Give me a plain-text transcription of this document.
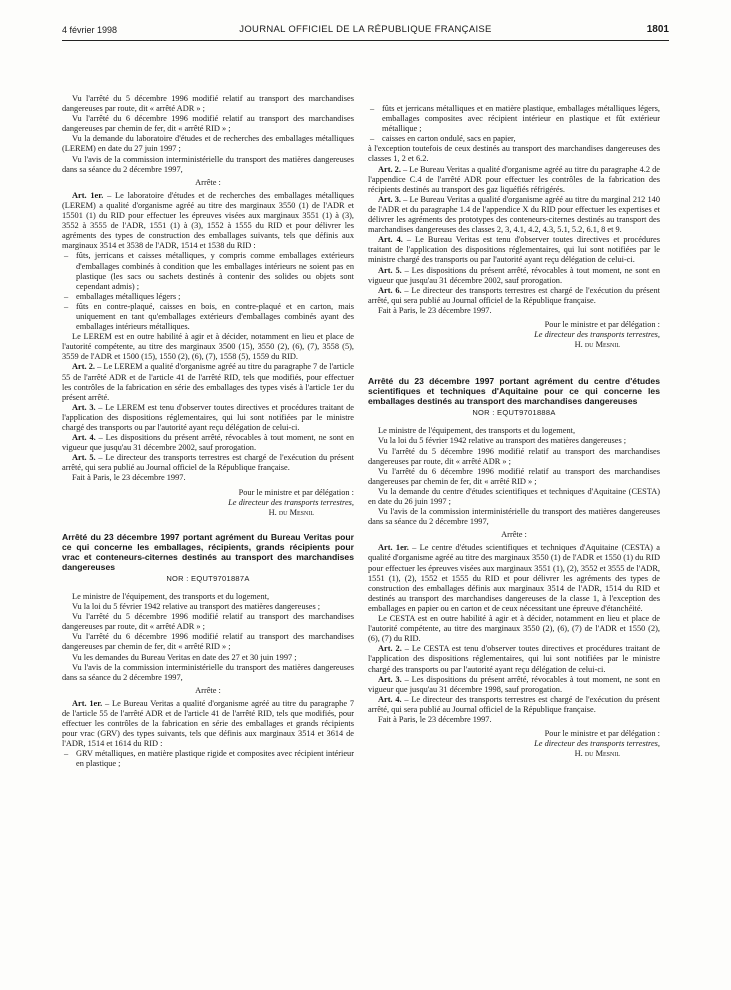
4 février 1998	JOURNAL OFFICIEL DE LA RÉPUBLIQUE FRANÇAISE	1801

Vu l'arrêté du 5 décembre 1996 modifié relatif au transport des marchandises dangereuses par route, dit « arrêté ADR » ;

Vu l'arrêté du 6 décembre 1996 modifié relatif au transport des marchandises dangereuses par chemin de fer, dit « arrêté RID » ;

Vu la demande du laboratoire d'études et de recherches des emballages métalliques (LEREM) en date du 27 juin 1997 ;

Vu l'avis de la commission interministérielle du transport des matières dangereuses dans sa séance du 2 décembre 1997,

Arrête :

Art. 1er. – Le laboratoire d'études et de recherches des emballages métalliques (LEREM) a qualité d'organisme agréé au titre des marginaux 3550 (1) de l'ADR et 15501 (1) du RID pour effectuer les épreuves visées aux marginaux 3551 (1) à (3), 3552 à 3555 de l'ADR, 1551 (1) à (3), 1552 à 1555 du RID et pour délivrer les agréments des types de construction des emballages suivants, tels que définis aux marginaux 3514 et 3538 de l'ADR, 1514 et 1538 du RID :

– fûts, jerricans et caisses métalliques, y compris comme emballages extérieurs d'emballages combinés à condition que les emballages intérieurs ne soient pas en plastique (les sacs ou sachets destinés à contenir des solides ou objets sont cependant admis) ;
– emballages métalliques légers ;
– fûts en contre-plaqué, caisses en bois, en contre-plaqué et en carton, mais uniquement en tant qu'emballages extérieurs d'emballages combinés ayant des emballages intérieurs métalliques.

Le LEREM est en outre habilité à agir et à décider, notamment en lieu et place de l'autorité compétente, au titre des marginaux 3500 (15), 3550 (2), (6), (7), 3558 (5), 3559 de l'ADR et 1500 (15), 1550 (2), (6), (7), 1558 (5), 1559 du RID.

Art. 2. – Le LEREM a qualité d'organisme agréé au titre du paragraphe 7 de l'article 55 de l'arrêté ADR et de l'article 41 de l'arrêté RID, tels que modifiés, pour effectuer les contrôles de la fabrication en série des emballages des types visés à l'article 1er du présent arrêté.

Art. 3. – Le LEREM est tenu d'observer toutes directives et procédures traitant de l'application des dispositions réglementaires, qui lui sont notifiées par le ministre chargé des transports ou par l'autorité ayant reçu délégation de celui-ci.

Art. 4. – Les dispositions du présent arrêté, révocables à tout moment, ne sont en vigueur que jusqu'au 31 décembre 2002, sauf prorogation.

Art. 5. – Le directeur des transports terrestres est chargé de l'exécution du présent arrêté, qui sera publié au Journal officiel de la République française.

Fait à Paris, le 23 décembre 1997.

Pour le ministre et par délégation :
Le directeur des transports terrestres,
H. du Mesnil
Arrêté du 23 décembre 1997 portant agrément du Bureau Veritas pour ce qui concerne les emballages, récipients, grands récipients pour vrac et conteneurs-citernes destinés au transport des marchandises dangereuses
NOR : EQUT9701887A

Le ministre de l'équipement, des transports et du logement,

Vu la loi du 5 février 1942 relative au transport des matières dangereuses ;

Vu l'arrêté du 5 décembre 1996 modifié relatif au transport des marchandises dangereuses par route, dit « arrêté ADR » ;

Vu l'arrêté du 6 décembre 1996 modifié relatif au transport des marchandises dangereuses par chemin de fer, dit « arrêté RID » ;

Vu les demandes du Bureau Veritas en date des 27 et 30 juin 1997 ;

Vu l'avis de la commission interministérielle du transport des matières dangereuses dans sa séance du 2 décembre 1997,

Arrête :

Art. 1er. – Le Bureau Veritas a qualité d'organisme agréé au titre du paragraphe 7 de l'article 55 de l'arrêté ADR et de l'article 41 de l'arrêté RID, tels que modifiés, pour effectuer les contrôles de la fabrication en série des emballages et grands récipients pour vrac (GRV) des types suivants, tels que définis aux marginaux 3514 et 3614 de l'ADR, 1514 et 1614 du RID :

– GRV métalliques, en matière plastique rigide et composites avec récipient intérieur en plastique ;
– fûts et jerricans métalliques et en matière plastique, emballages métalliques légers, emballages composites avec récipient intérieur en plastique et fût extérieur métallique ;
– caisses en carton ondulé, sacs en papier,

à l'exception toutefois de ceux destinés au transport des marchandises dangereuses des classes 1, 2 et 6.2.

Art. 2. – Le Bureau Veritas a qualité d'organisme agréé au titre du paragraphe 4.2 de l'appendice C.4 de l'arrêté ADR pour effectuer les contrôles de la fabrication des récipients destinés au transport des gaz liquéfiés réfrigérés.

Art. 3. – Le Bureau Veritas a qualité d'organisme agréé au titre du marginal 212 140 de l'ADR et du paragraphe 1.4 de l'appendice X du RID pour effectuer les expertises et délivrer les agréments des prototypes des conteneurs-citernes destinés au transport des marchandises dangereuses des classes 2, 3, 4.1, 4.2, 4.3, 5.1, 5.2, 6.1, 8 et 9.

Art. 4. – Le Bureau Veritas est tenu d'observer toutes directives et procédures traitant de l'application des dispositions réglementaires, qui lui sont notifiées par le ministre chargé des transports ou par l'autorité ayant reçu délégation de celui-ci.

Art. 5. – Les dispositions du présent arrêté, révocables à tout moment, ne sont en vigueur que jusqu'au 31 décembre 2002, sauf prorogation.

Art. 6. – Le directeur des transports terrestres est chargé de l'exécution du présent arrêté, qui sera publié au Journal officiel de la République française.

Fait à Paris, le 23 décembre 1997.

Pour le ministre et par délégation :
Le directeur des transports terrestres,
H. du Mesnil
Arrêté du 23 décembre 1997 portant agrément du centre d'études scientifiques et techniques d'Aquitaine pour ce qui concerne les emballages destinés au transport des marchandises dangereuses
NOR : EQUT9701888A

Le ministre de l'équipement, des transports et du logement,

Vu la loi du 5 février 1942 relative au transport des matières dangereuses ;

Vu l'arrêté du 5 décembre 1996 modifié relatif au transport des marchandises dangereuses par route, dit « arrêté ADR » ;

Vu l'arrêté du 6 décembre 1996 modifié relatif au transport des marchandises dangereuses par chemin de fer, dit « arrêté RID » ;

Vu la demande du centre d'études scientifiques et techniques d'Aquitaine (CESTA) en date du 26 juin 1997 ;

Vu l'avis de la commission interministérielle du transport des matières dangereuses dans sa séance du 2 décembre 1997,

Arrête :

Art. 1er. – Le centre d'études scientifiques et techniques d'Aquitaine (CESTA) a qualité d'organisme agréé au titre des marginaux 3550 (1) de l'ADR et 1550 (1) du RID pour effectuer les épreuves visées aux marginaux 3551 (1), (2), 3552 et 3555 de l'ADR, 1551 (1), (2), 1552 et 1555 du RID et pour délivrer les agréments des types de construction des emballages définis aux marginaux 3514 de l'ADR, 1514 du RID et destinés au transport des marchandises dangereuses de la classe 1, à l'exception des emballages en papier ou en carton et de ceux nécessitant une épreuve d'étanchéité.

Le CESTA est en outre habilité à agir et à décider, notamment en lieu et place de l'autorité compétente, au titre des marginaux 3550 (2), (6), (7) de l'ADR et 1550 (2), (6), (7) du RID.

Art. 2. – Le CESTA est tenu d'observer toutes directives et procédures traitant de l'application des dispositions réglementaires, qui lui sont notifiées par le ministre chargé des transports ou par l'autorité ayant reçu délégation de celui-ci.

Art. 3. – Les dispositions du présent arrêté, révocables à tout moment, ne sont en vigueur que jusqu'au 31 décembre 1998, sauf prorogation.

Art. 4. – Le directeur des transports terrestres est chargé de l'exécution du présent arrêté, qui sera publié au Journal officiel de la République française.

Fait à Paris, le 23 décembre 1997.

Pour le ministre et par délégation :
Le directeur des transports terrestres,
H. du Mesnil
